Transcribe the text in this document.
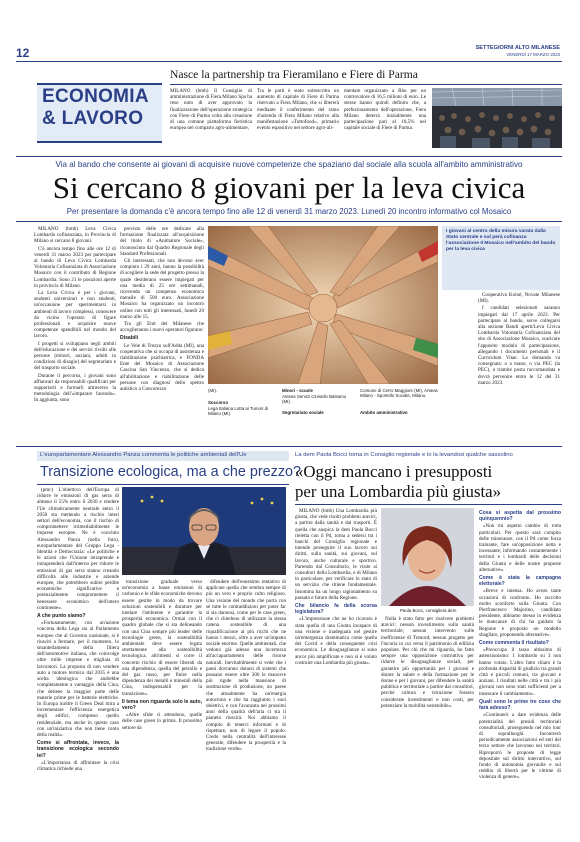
12	SETTEGIORNI ALTO MILANESE
VENERDÌ 17 MARZO 2023
ECONOMIA
& LAVORO
Nasce la partnership tra Fieramilano e Fiere di Parma
MILANO (bmh) Il Consiglio di amministrazione di Fiera Milano Spa ha reso noto di aver approvato la finalizzazione dell'operazione strategica con Fiere di Parma volta alla creazione di una comune piattaforma fieristica europea nel comparto agro-alimentare,
Tra le parti è stato sottoscritto un aumento di capitale di Fiere di Parma riservato a Fiera Milano, che si libererà mediante il conferimento del ramo d'azienda di Fiera Milano relativo alla manifestazione «Tuttofood», primario evento espositivo nel settore agro-ali-
mentare organizzato a Rho per un controvalore di 16,5 milioni di euro. Le stesse hanno quindi definito che, a perfezionamento dell'operazione, Fiera Milano deterrà inizialmente una partecipazione pari al 18,5% nel capitale sociale di Fiere di Parma.
Via al bando che consente ai giovani di acquisire nuove competenze che spaziano dal sociale alla scuola all'ambito amministrativo
Si cercano 8 giovani per la leva civica
Per presentare la domanda c'è ancora tempo fino alle 12 di venerdì 31 marzo 2023. Lunedì 20 incontro informativo col Mosaico

MILANO (bmh) Leva Civica Lombarda cofinanziata, in Provincia di Milano si cercano 8 giovani.

C'è ancora tempo fino alle ore 12 di venerdì 31 marzo 2023 per partecipare al bando di Leva Civica Lombarda Volontaria Cofinanziata di Associazione Mosaico con il contributo di Regione Lombardia. Sono 21 le posizioni aperte in provincia di Milano.

La Leva Civica è per i giovani, studenti universitari e non studenti, un'occasione per sperimentarsi in ambienti di lavoro complessi, conoscere da vicino l'operato di figure professionali e acquisire nuove competenze spendibili nel mondo del lavoro.

I progetti si sviluppano negli ambiti dell'educazione e dei servizi rivolti alle persone (minori, anziani, adulti in condizioni di disagio) del segretariato e del trasporto sociale.

Durante il percorso, i giovani sono affiancati da responsabili qualificati per supportarli e formarli attraverso la metodologia dell'«imparare facendo». In aggiunta, sono

previsto delle ore dedicate alla formazione finalizzata all'acquisizione del titolo di «Animatore Sociale», riconosciuto dal Quadro Regionale degli Standard Professionali.

Gli interessati, che non devono aver compiuto i 29 anni, hanno la possibilità di scegliere la sede del progetto presso la quale desiderano essere impiegati per una media di 25 ore settimanali, ricevendo un compenso economico mensile di 500 euro. Associazione Mosaico ha organizzato un incontro online con tutti gli interessati, lunedì 20 marzo alle 15.

Tra gli Enti del Milanese che accoglieranno i nuovi operatori figurano:

Disabili

Le Vele di Trezzo sull'Adda (MI), una cooperativa che si occupa di assistenza e riabilitazione psichiatrica, e FONDA Ente del Mosaico di Associazione Cascina San Vincenzo, che si dedica all'abilitazione e riabilitazione delle persone con diagnosi dello spettro autistico a Concorezzo	(MI).
Soccorso
Lega Italiana Lotta ai Tumori di Milano (MI).
Minori - scuole
Anteas Servizi Cinisello Balsamo (MI).
Segretariato sociale
Comune di Cerro Maggiore (MI), Anteas Milano - Sportello Sociale, Milano.
Ambito amministrativo
I giovani al centro della misura varata dalla Stato centrale e sul perà cofinanza l'associazione Il Mosaico nell'ambito del bando per la leva civica

Cooperativa Koiné, Novate Milanese (MI).

I candidati selezionati saranno impiegati dal 17 aprile 2023. Per partecipare al bando, serve collegarsi alla sezione Bandi aperti/Leva Civica Lombarda Volontaria Cofinanziata del sito di Associazione Mosaico, scaricare l'apposito modulo di partecipazione, allegando i documenti personali e il Curriculum Vitae. La domanda va consegnata: o a mano, o via PEC (la PEC), o tramite posta raccomandata e dovrà pervenire entro le 12 del 31 marzo 2023.

L'europarlamentare Alessandro Panza commenta le politiche ambientali dell'Ue
Transizione ecologica, ma a che prezzo?

(pmc) L'obiettivo dell'Europa di ridurre le emissioni di gas serra di almeno il 55% entro il 2030 e rendere l'Ue climaticamente neutrale entro il 2050 sta mettendo a rischio interi settori dell'economia, con il rischio di compromettere irrimediabilmente le imprese europee. Ne è convinto Alessandro Panza (nella foto), europarlamentare del Gruppo Lega - Identità e Democrazia: «Le politiche e le azioni che l'Unione intraprende e intraprenderà dall'interno per ridurre le emissioni di gas serra stanno creando difficoltà alle industrie e aziende europee, che potrebbero subire perdite economiche significative e potenzialmente compromettere il benessere economico dell'intero continente».

A che punto siamo?

«Fortunatamente, con un'azione concreta della Lega sia al Parlamento europeo che al Governo nazionale, si è riusciti a fermare, per il momento, lo smantellamento della filiera dell'automotive italiana, che coinvolge oltre mille imprese e migliaia di lavoratori. La proposta di non vendere auto a motore termico dal 2035 è una scelta ideologica che andrebbe completamente a vantaggio della Cina, che detiene la maggior parte delle materie prime per le batterie elettriche. In Europa inoltre il Green Deal mira a incrementare l'efficienza energetica degli edifici, compreso quello residenziale, ma anche in questo caso con un'iniziativa che non tiene conto della realtà».

Come si affrontata, invece, la transizione ecologica secondo lei?

«L'importanza di affrontare la crisi climatica richiede una

transizione graduale verso un'economia a basse emissioni di carbonio e le sfide economiche devono essere gestite in modo da trovare soluzioni sostenibili e durature per tutelare l'ambiente e garantire la prosperità economica. Ormai con il quadro globale che si sta delineando con una Cina sempre più leader delle tecnologie green, la sostenibilità ambientale deve essere legata strettamente alla sostenibilità tecnologica, altrimenti si corre il concreto rischio di essere liberati da una dipendenza, quella del petrolio e del gas russo, per finire nella dipendenza dei metalli e minerali della Cina, indispensabili per la transizione».

Il tema non riguarda solo le auto, vero?

«Altre sfide ci attendono, quelle delle case green in primis. Il prossimo settore da

difendere dell'ennesimo tentativo di applicare quella che sembra sempre di più un vero e proprio culto religioso. Una visione del mondo che porta con sé tutte le contraddizioni per poter far sì sia dannosi, come per le case green, che ci chiedono di utilizzare la stessa catena sostenibile di una riqualificazione ai più ricchi che ne hanno i mezzi, oltre a aver un'impatto sociale enorme. Quelle ambientali, che vedono già adesso una incertezza all'accaparramento delle risorse naturali. Inevitabilmente si vede che i paesi dovranno dotarsi di sistemi che possano essere oltre 300 le manovre più rigide nella mansione di sostituzione di produzione, un paese che attualmente ha un'energia autoctona e che ha raggiunto i suoi obiettivi, e con l'avanzata nei prossimi anni della qualità dell'aria ci sta il pianeta riuscirà. Noi abbiamo il compito di tenerci informati e di rispettare, non di legare il popolo. Credo nella centralità dell'interesse generale, difendere la prosperità e la tradizione verde».

La dem Paola Bocci torna in Consiglio regionale e lo la levandosi qualche sassolino
«Oggi mancano i presupposti
per una Lombardia più giusta»

MILANO (bmh) Una Lombardia più giusta, che vede risolti problemi atavici, a partire dalla sanità e dai trasporti. È quella che auspica la dem Paola Bocci rieletta con il Pd, torna a sedersi tra i banchi del Consiglio regionale e intende proseguire il suo lavoro sui diritti, sulla sanità, sui giovani, sul lavoro, anche culturale e sportivo. Partendo dal Consultorio, le visite ai consultori della Lombardia, e di Milano in particolare, per verificare lo stato di un servizio che ritiene fondamentale. Insomma ha un lungo ragionamento su passato e futuro della Regione.

Che bilancio fa della scorsa legislatura?

«L'impressione che ne ho ricavato è stata quella di una Giunta incapace di una visione e inadeguata nel gestire un'emergenza drammatica come quella del Covid e della conseguente crisi economica. Le disuguaglianze si sono ancor più amplificate e non si è voluto costruire una Lombardia più giusta».

Paola Bocci, consigliera dem

Nulla è stato fatto per risolvere problemi atavici: nessun investimento sulla sanità territoriale; nessun intervento sulle inefficienze di Trenord; nessun progetto per l'incuria in cui versa il patrimonio di edilizia popolare. Per chi che mi riguarda, ho fatto sempre una opposizione costruttiva per ridurre le disuguaglianze sociali, per garantire più opportunità per i giovani e dotare la salute e della formazione per le donne e per i giovani, per difendere la sanità pubblica e territoriale a partire dai consultori, perché cultura e istruzione fossero considerate investimenti e non costi, per potenziare la mobilità sostenibile».

Cosa si aspetta dal prossimo quinquennio?

«Non mi aspetto cambio di rotta particolari. Per questo sarà compito delle minoranze, con il Pd come forza trainante, fare un'opposizione netta e incessante, informando costantemente i territori e i lombardi delle decisioni della Giunta e delle nostre proposte alternative».

Come è stata la campagna elettorale?

«Breve e intensa. Ho avuto tante occasioni di confronto. Ho raccolto molto sconforto sulla Giunta. Con Pierfrancesco Majorino, candidato presidente, abbiamo messo in evidenza le mancanze di chi ha guidato la Regione e proposto un modello sbagliato, proponendo alternative».

Come commenta il risultato?

«Preoccupa il tasso altissimo di astensionismo: 1 lombardo su 3 non hanno votato. L'altro fatto chiaro è la profonda disparità di giudizio tra grandi città e piccoli comuni, tra giovani e anziani. I risultati nelle città e tra i più giovani non sono stati sufficienti per a innescare il cambiamento».

Quali sono le prime tre cose che farà adesso?

«Continuerò a dare evidenza delle potenzialità dei presidi territoriali consultoriali, proseguendo nel mio tour di sopralluoghi. Incontrerò periodicamente associazioni ed enti del terzo settore che lavorano nei territori. Riproporrò le proposte di legge depositate sul diritto interruttivo, sul fondo di autonomia giovanile e sul reddito di libertà per le vittime di violenza di genere».
